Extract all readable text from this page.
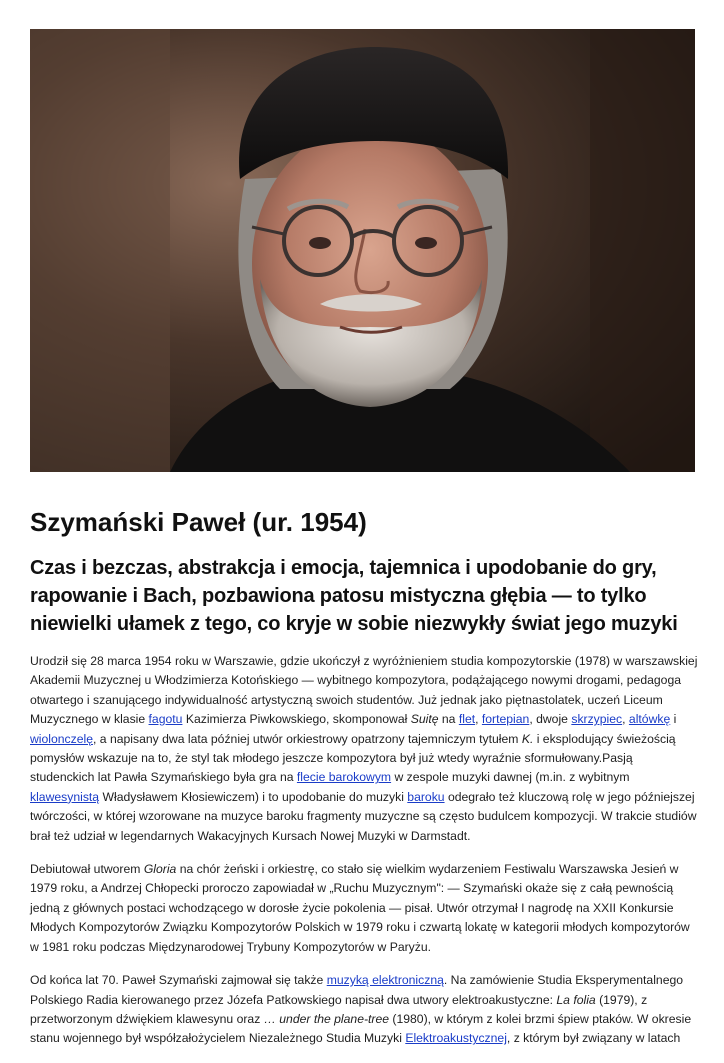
Szymański Paweł (ur. 1954)
Czas i bezczas, abstrakcja i emocja, tajemnica i upodobanie do gry, rapowanie i Bach, pozbawiona patosu mistyczna głębia — to tylko niewielki ułamek z tego, co kryje w sobie niezwykły świat jego muzyki

Urodził się 28 marca 1954 roku w Warszawie, gdzie ukończył z wyróżnieniem studia kompozytorskie (1978) w warszawskiej Akademii Muzycznej u Włodzimierza Kotońskiego — wybitnego kompozytora, podążającego nowymi drogami, pedagoga otwartego i szanującego indywidualność artystyczną swoich studentów. Już jednak jako piętnastolatek, uczeń Liceum Muzycznego w klasie fagotu Kazimierza Piwkowskiego, skomponował Suitę na flet, fortepian, dwoje skrzypiec, altówkę i wiolonczelę, a napisany dwa lata później utwór orkiestrowy opatrzony tajemniczym tytułem K. i eksplodujący świeżością pomysłów wskazuje na to, że styl tak młodego jeszcze kompozytora był już wtedy wyraźnie sformułowany.Pasją studenckich lat Pawła Szymańskiego była gra na flecie barokowym w zespole muzyki dawnej (m.in. z wybitnym klawesynistą Władysławem Kłosiewiczem) i to upodobanie do muzyki baroku odegrało też kluczową rolę w jego późniejszej twórczości, w której wzorowane na muzyce baroku fragmenty muzyczne są często budulcem kompozycji. W trakcie studiów brał też udział w legendarnych Wakacyjnych Kursach Nowej Muzyki w Darmstadt.

Debiutował utworem Gloria na chór żeński i orkiestrę, co stało się wielkim wydarzeniem Festiwalu Warszawska Jesień w 1979 roku, a Andrzej Chłopecki proroczo zapowiadał w „Ruchu Muzycznym": — Szymański okaże się z całą pewnością jedną z głównych postaci wchodzącego w dorosłe życie pokolenia — pisał. Utwór otrzymał I nagrodę na XXII Konkursie Młodych Kompozytorów Związku Kompozytorów Polskich w 1979 roku i czwartą lokatę w kategorii młodych kompozytorów w 1981 roku podczas Międzynarodowej Trybuny Kompozytorów w Paryżu.

Od końca lat 70. Paweł Szymański zajmował się także muzyką elektroniczną. Na zamówienie Studia Eksperymentalnego Polskiego Radia kierowanego przez Józefa Patkowskiego napisał dwa utwory elektroakustyczne: La folia (1979), z przetworzonym dźwiękiem klawesynu oraz … under the plane-tree (1980), w którym z kolei brzmi śpiew ptaków. W okresie stanu wojennego był współzałożycielem Niezależnego Studia Muzyki Elektroakustycznej, z którym był związany w latach
